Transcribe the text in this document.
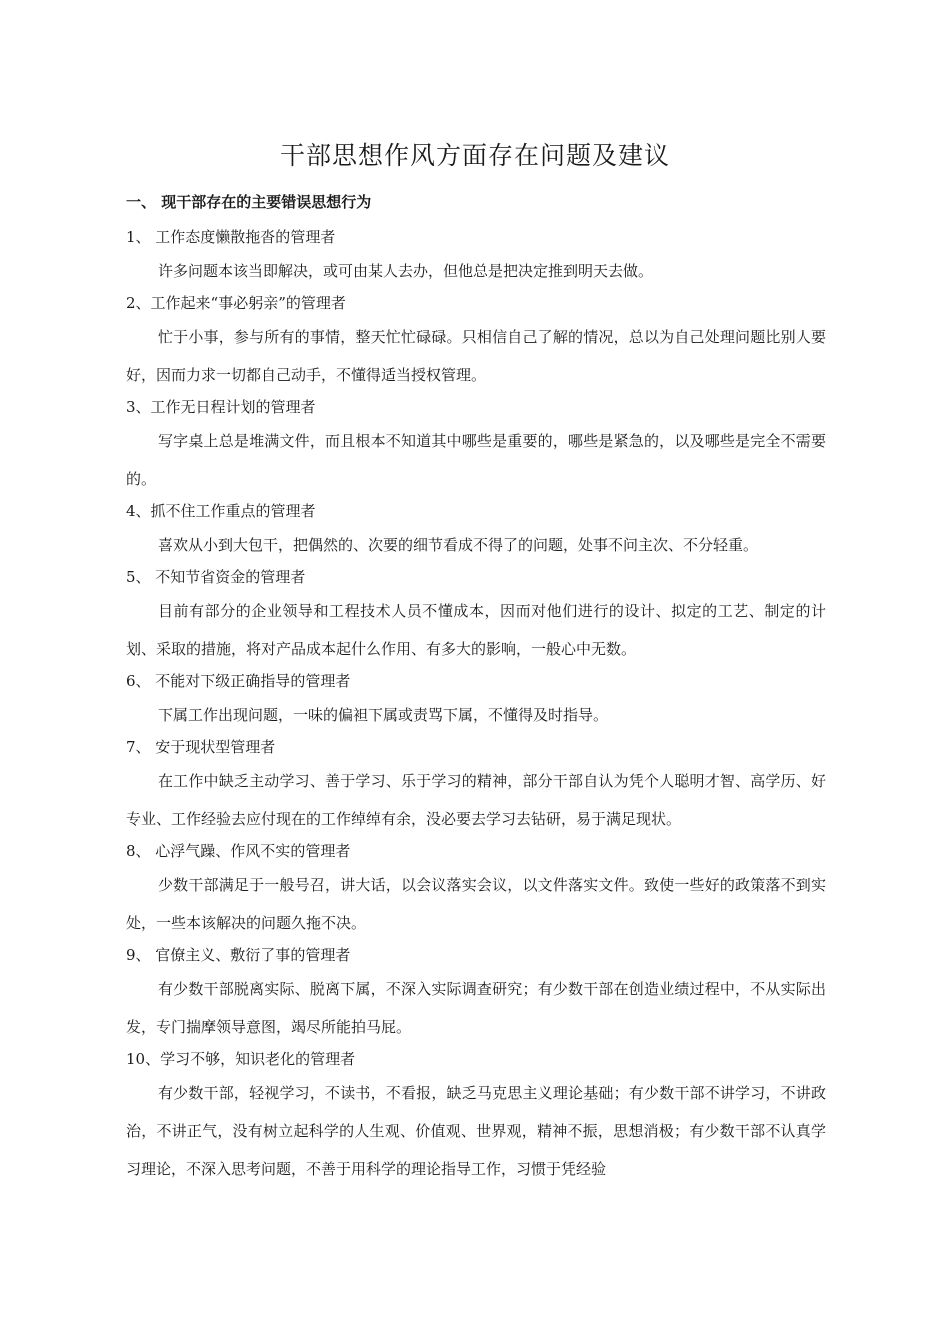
干部思想作风方面存在问题及建议
一、 现干部存在的主要错误思想行为
1、 工作态度懒散拖沓的管理者

许多问题本该当即解决，或可由某人去办，但他总是把决定推到明天去做。

2、工作起来“事必躬亲”的管理者

忙于小事，参与所有的事情，整天忙忙碌碌。只相信自己了解的情况，总以为自己处理问题比别人要好，因而力求一切都自己动手，不懂得适当授权管理。

3、工作无日程计划的管理者

写字桌上总是堆满文件，而且根本不知道其中哪些是重要的，哪些是紧急的，以及哪些是完全不需要的。

4、抓不住工作重点的管理者

喜欢从小到大包干，把偶然的、次要的细节看成不得了的问题，处事不问主次、不分轻重。

5、 不知节省资金的管理者

目前有部分的企业领导和工程技术人员不懂成本，因而对他们进行的设计、拟定的工艺、制定的计划、采取的措施，将对产品成本起什么作用、有多大的影响，一般心中无数。

6、 不能对下级正确指导的管理者

下属工作出现问题，一味的偏袒下属或责骂下属，不懂得及时指导。

7、 安于现状型管理者

在工作中缺乏主动学习、善于学习、乐于学习的精神，部分干部自认为凭个人聪明才智、高学历、好专业、工作经验去应付现在的工作绰绰有余，没必要去学习去钻研，易于满足现状。

8、 心浮气躁、作风不实的管理者

少数干部满足于一般号召，讲大话，以会议落实会议，以文件落实文件。致使一些好的政策落不到实处，一些本该解决的问题久拖不决。

9、 官僚主义、敷衍了事的管理者

有少数干部脱离实际、脱离下属，不深入实际调查研究；有少数干部在创造业绩过程中，不从实际出发，专门揣摩领导意图，竭尽所能拍马屁。

10、学习不够，知识老化的管理者

有少数干部，轻视学习，不读书，不看报，缺乏马克思主义理论基础；有少数干部不讲学习，不讲政治，不讲正气，没有树立起科学的人生观、价值观、世界观，精神不振，思想消极；有少数干部不认真学习理论，不深入思考问题，不善于用科学的理论指导工作，习惯于凭经验
